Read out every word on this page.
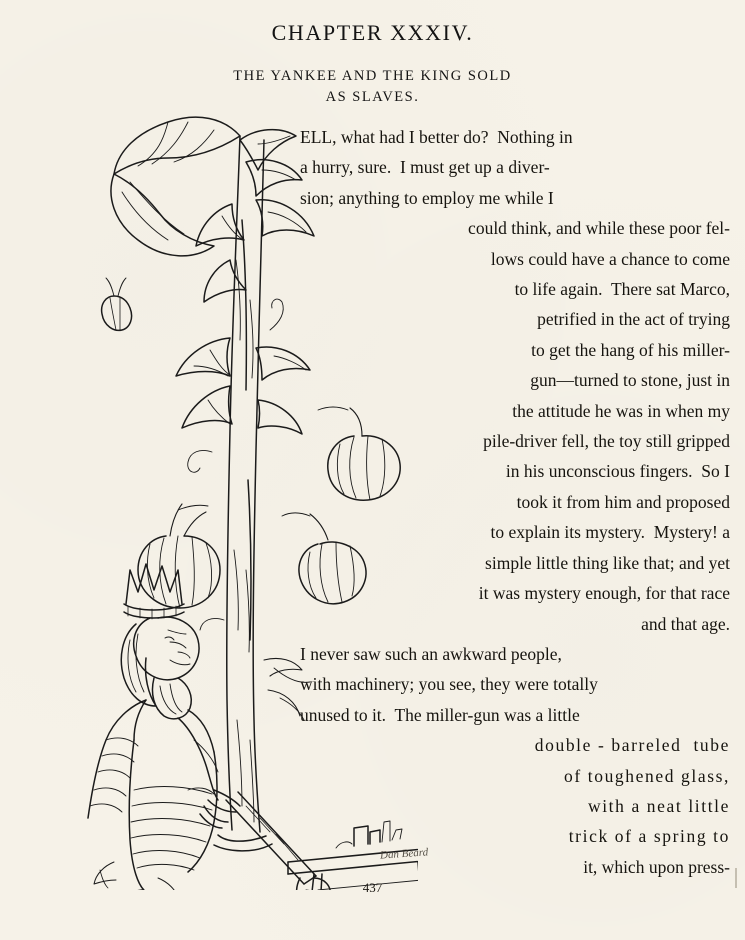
CHAPTER XXXIV.
THE YANKEE AND THE KING SOLD
AS SLAVES.
ELL, what had I better do?  Nothing in
a hurry, sure.  I must get up a diver-
sion; anything to employ me while I
could think, and while these poor fel-
lows could have a chance to come
to life again.  There sat Marco,
petrified in the act of trying
to get the hang of his miller-
gun—turned to stone, just in
the attitude he was in when my
pile-driver fell, the toy still gripped
in his unconscious fingers.  So I
took it from him and proposed
to explain its mystery.  Mystery! a
simple little thing like that; and yet
it was mystery enough, for that race
and that age.
I never saw such an awkward people,
with machinery; you see, they were totally
unused to it.  The miller-gun was a little
double - barreled  tube
of toughened glass,
with a neat little
trick of a spring to
it, which upon press-
Dan Beard
437
